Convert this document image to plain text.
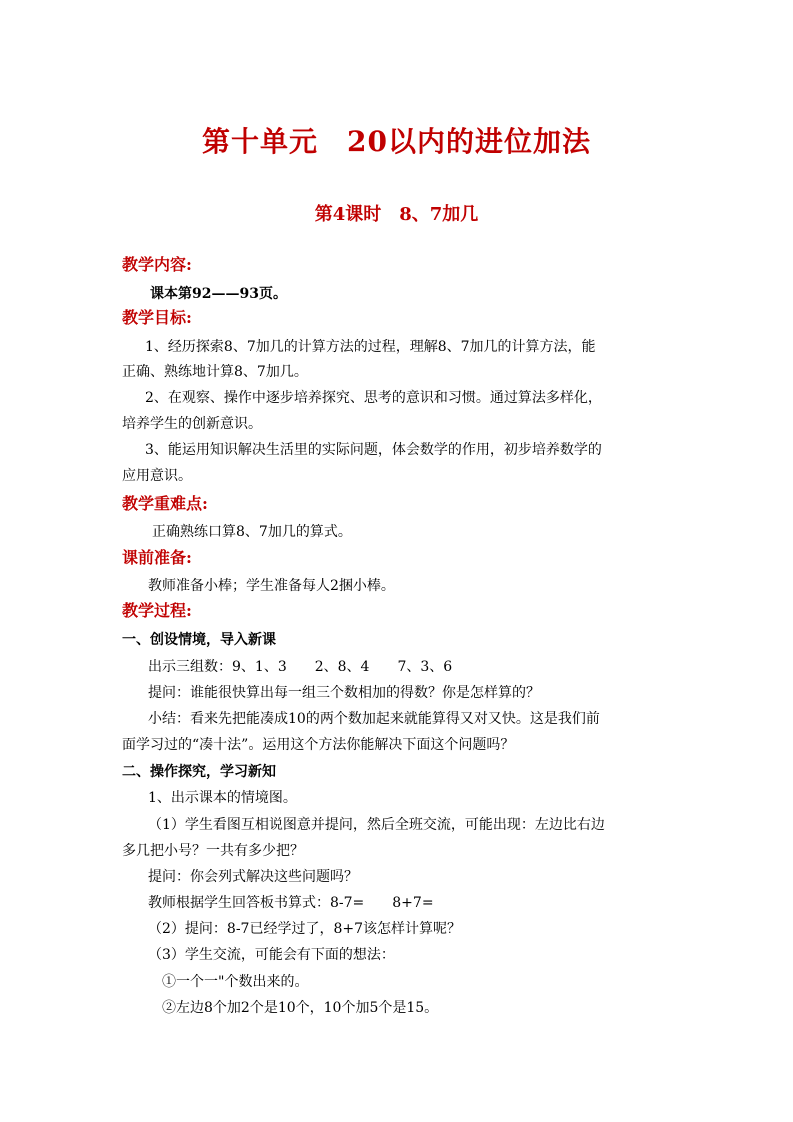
第十单元　20以内的进位加法
第4课时　8、7加几
教学内容:
课本第92——93页。
教学目标:
1、经历探索8、7加几的计算方法的过程，理解8、7加几的计算方法，能
正确、熟练地计算8、7加几。
2、在观察、操作中逐步培养探究、思考的意识和习惯。通过算法多样化，
培养学生的创新意识。
3、能运用知识解决生活里的实际问题，体会数学的作用，初步培养数学的
应用意识。
教学重难点:
正确熟练口算8、7加几的算式。
课前准备:
教师准备小棒；学生准备每人2捆小棒。
教学过程:
一、创设情境，导入新课
出示三组数：9、1、3　　2、8、4　　7、3、6
提问：谁能很快算出每一组三个数相加的得数？你是怎样算的？
小结：看来先把能凑成10的两个数加起来就能算得又对又快。这是我们前
面学习过的“凑十法”。运用这个方法你能解决下面这个问题吗？
二、操作探究，学习新知
1、出示课本的情境图。
（1）学生看图互相说图意并提问，然后全班交流，可能出现：左边比右边
多几把小号？一共有多少把？
提问：你会列式解决这些问题吗？
教师根据学生回答板书算式：8-7=　　8+7=
（2）提问：8-7已经学过了，8+7该怎样计算呢？
（3）学生交流，可能会有下面的想法：
①一个一"个数出来的。
②左边8个加2个是10个，10个加5个是15。
